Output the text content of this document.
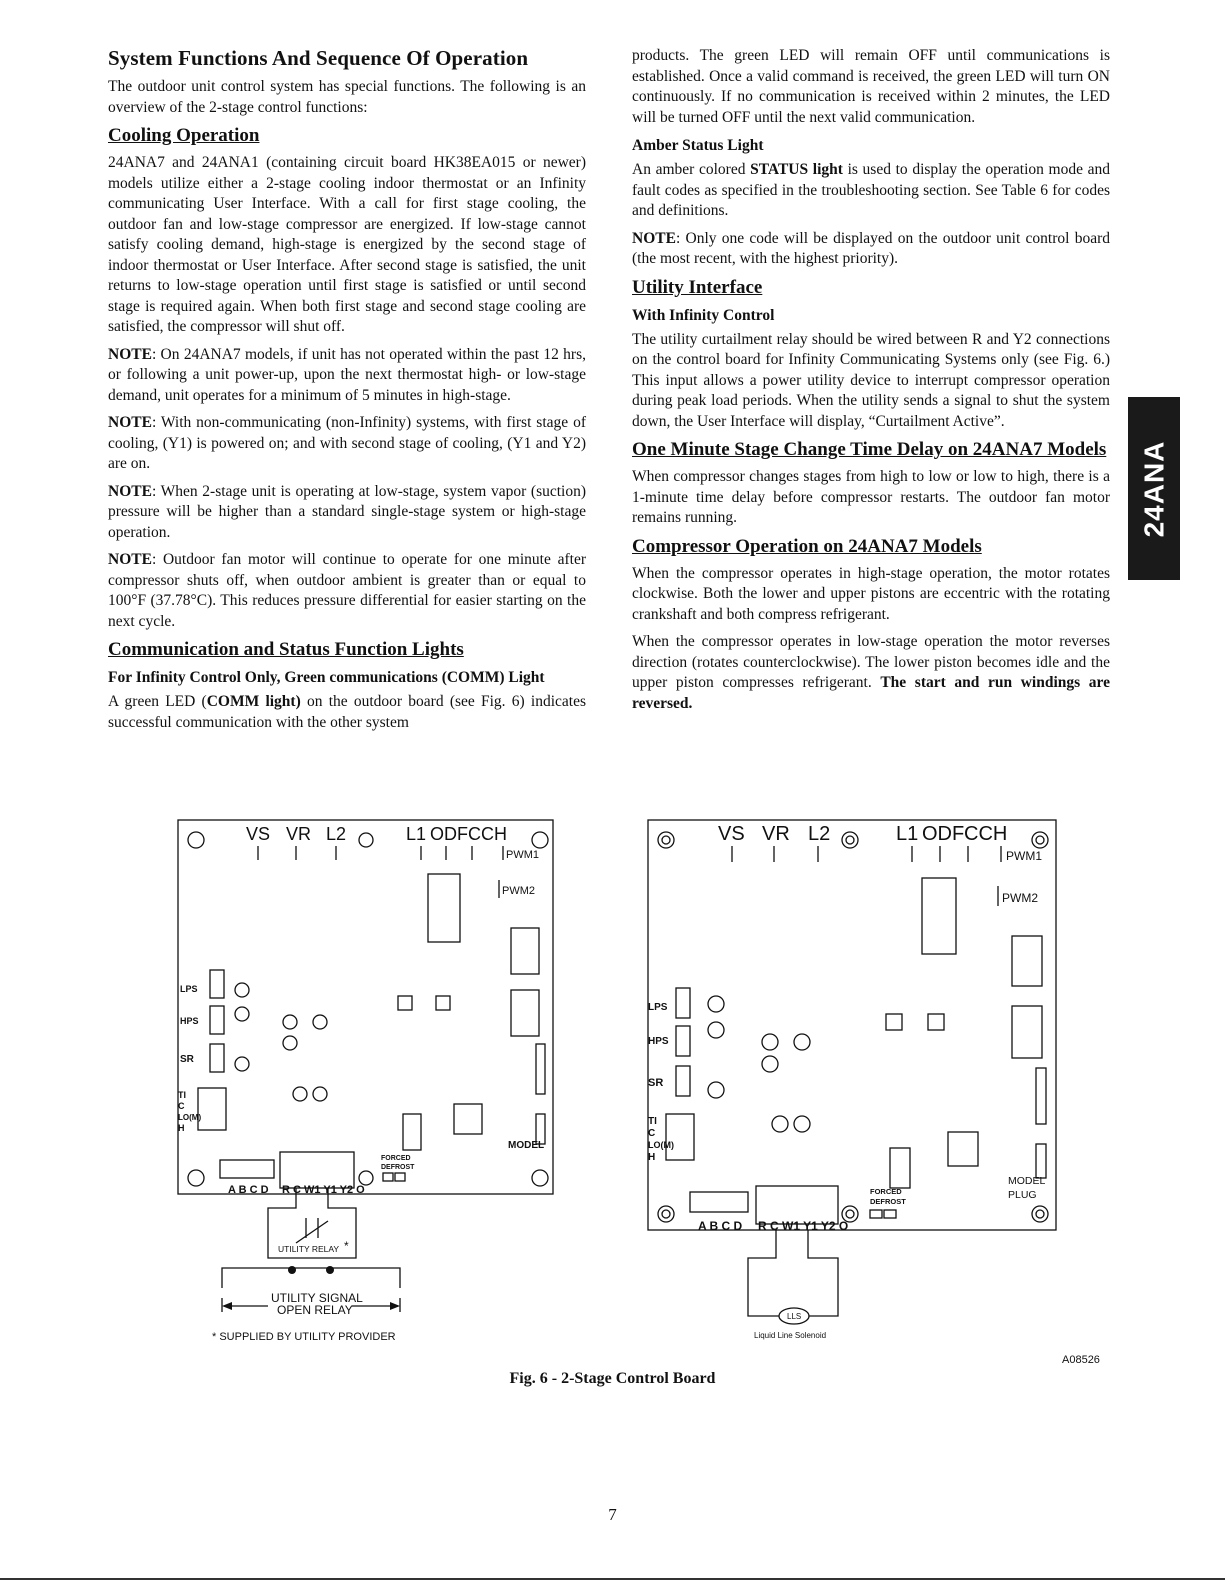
System Functions And Sequence Of Operation

The outdoor unit control system has special functions. The following is an overview of the 2-stage control functions:

Cooling Operation

24ANA7 and 24ANA1 (containing circuit board HK38EA015 or newer) models utilize either a 2-stage cooling indoor thermostat or an Infinity communicating User Interface. With a call for first stage cooling, the outdoor fan and low-stage compressor are energized. If low-stage cannot satisfy cooling demand, high-stage is energized by the second stage of indoor thermostat or User Interface. After second stage is satisfied, the unit returns to low-stage operation until first stage is satisfied or until second stage is required again. When both first stage and second stage cooling are satisfied, the compressor will shut off.

NOTE: On 24ANA7 models, if unit has not operated within the past 12 hrs, or following a unit power-up, upon the next thermostat high- or low-stage demand, unit operates for a minimum of 5 minutes in high-stage.

NOTE: With non-communicating (non-Infinity) systems, with first stage of cooling, (Y1) is powered on; and with second stage of cooling, (Y1 and Y2) are on.

NOTE: When 2-stage unit is operating at low-stage, system vapor (suction) pressure will be higher than a standard single-stage system or high-stage operation.

NOTE: Outdoor fan motor will continue to operate for one minute after compressor shuts off, when outdoor ambient is greater than or equal to 100°F (37.78°C). This reduces pressure differential for easier starting on the next cycle.

Communication and Status Function Lights
For Infinity Control Only, Green communications (COMM) Light

A green LED (COMM light) on the outdoor board (see Fig. 6) indicates successful communication with the other system

products. The green LED will remain OFF until communications is established. Once a valid command is received, the green LED will turn ON continuously. If no communication is received within 2 minutes, the LED will be turned OFF until the next valid communication.

Amber Status Light

An amber colored STATUS light is used to display the operation mode and fault codes as specified in the troubleshooting section. See Table 6 for codes and definitions.

NOTE: Only one code will be displayed on the outdoor unit control board (the most recent, with the highest priority).

Utility Interface
With Infinity Control

The utility curtailment relay should be wired between R and Y2 connections on the control board for Infinity Communicating Systems only (see Fig. 6.) This input allows a power utility device to interrupt compressor operation during peak load periods. When the utility sends a signal to shut the system down, the User Interface will display, “Curtailment Active”.

One Minute Stage Change Time Delay on 24ANA7 Models

When compressor changes stages from high to low or low to high, there is a 1-minute time delay before compressor restarts. The outdoor fan motor remains running.

Compressor Operation on 24ANA7 Models

When the compressor operates in high-stage operation, the motor rotates clockwise. Both the lower and upper pistons are eccentric with the rotating crankshaft and both compress refrigerant.

When the compressor operates in low-stage operation the motor reverses direction (rotates counterclockwise). The lower piston becomes idle and the upper piston compresses refrigerant. The start and run windings are reversed.

24ANA
VS VR L2	L1 ODF CCH
PWM1
PWM2
LPS
HPS
SR
TI
C
LO(M)
H
MODEL
FORCED
DEFROST
A B C D R C W1 Y1 Y2 O
UTILITY RELAY *
UTILITY SIGNAL
OPEN RELAY
* SUPPLIED BY UTILITY PROVIDER
VS VR L2	L1 ODF CCH
PWM1
PWM2
LPS
HPS
SR
TI
C
LO(M)
H
MODEL
PLUG
FORCED
DEFROST
A B C D R C W1 Y1 Y2 O
LLS
Liquid Line Solenoid
A08526
Fig. 6 - 2-Stage Control Board
7
